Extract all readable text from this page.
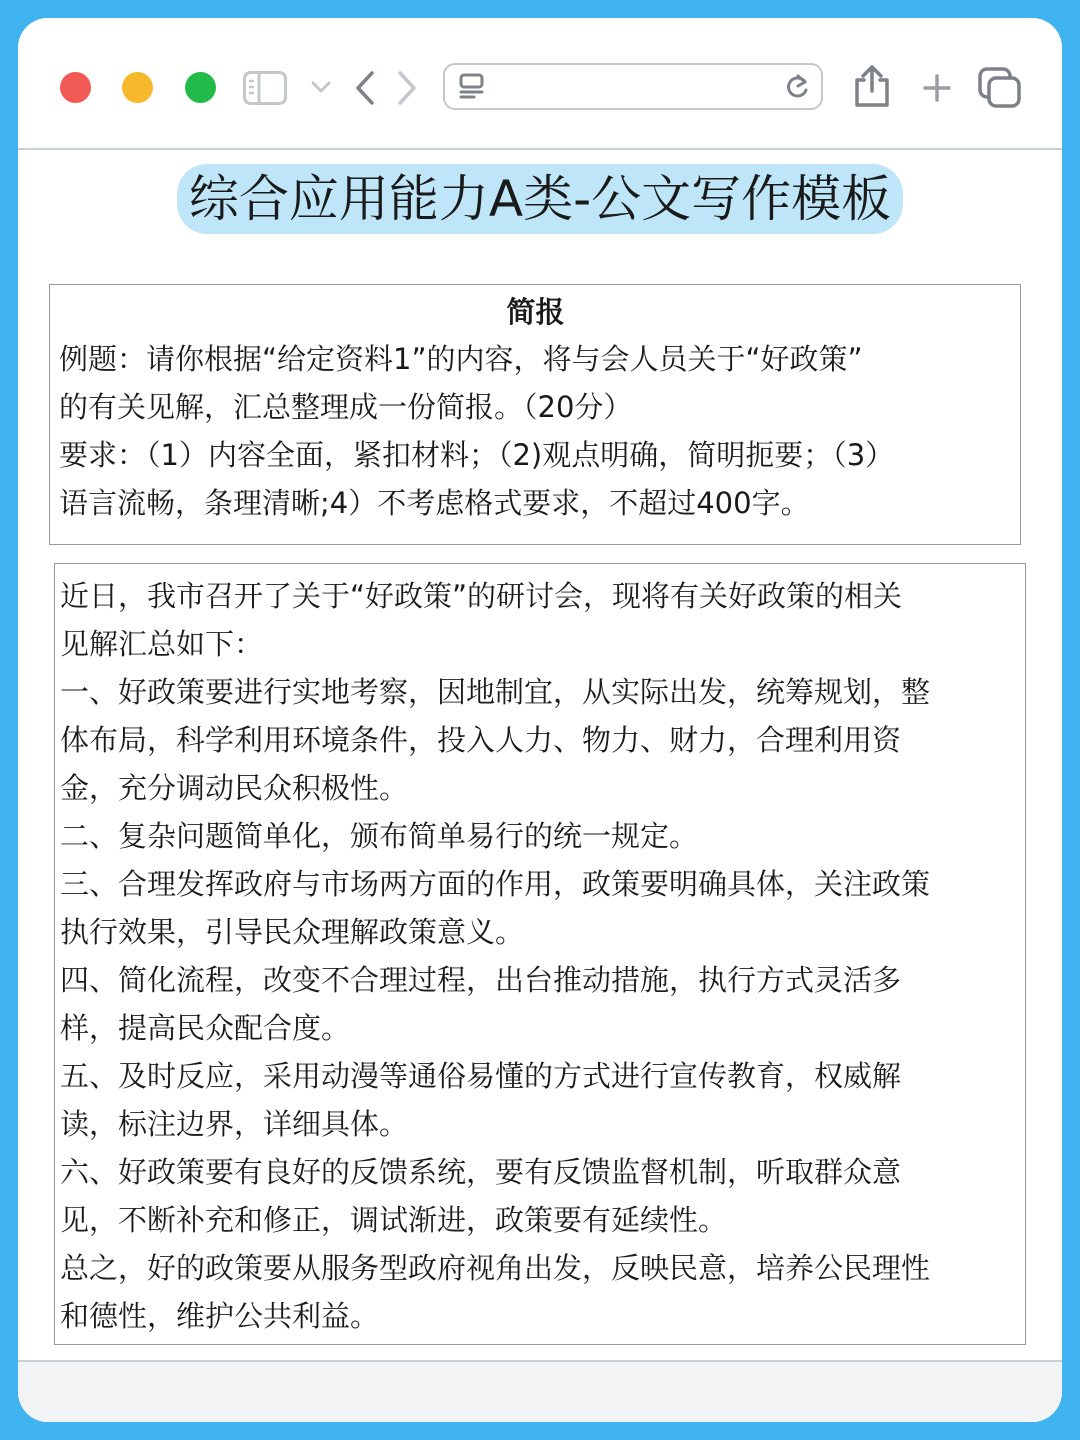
综合应用能力A类-公文写作模板
简报
例题：请你根据“给定资料1”的内容，将与会人员关于“好政策”
的有关见解，汇总整理成一份简报。（20分）
要求：（1）内容全面，紧扣材料；（2)观点明确，简明扼要；（3）
语言流畅，条理清晰;4）不考虑格式要求，不超过400字。
近日，我市召开了关于“好政策”的研讨会，现将有关好政策的相关
见解汇总如下：
一、好政策要进行实地考察，因地制宜，从实际出发，统筹规划，整
体布局，科学利用环境条件，投入人力、物力、财力，合理利用资
金，充分调动民众积极性。
二、复杂问题简单化，颁布简单易行的统一规定。
三、合理发挥政府与市场两方面的作用，政策要明确具体，关注政策
执行效果，引导民众理解政策意义。
四、简化流程，改变不合理过程，出台推动措施，执行方式灵活多
样，提高民众配合度。
五、及时反应，采用动漫等通俗易懂的方式进行宣传教育，权威解
读，标注边界，详细具体。
六、好政策要有良好的反馈系统，要有反馈监督机制，听取群众意
见，不断补充和修正，调试渐进，政策要有延续性。
总之，好的政策要从服务型政府视角出发，反映民意，培养公民理性
和德性，维护公共利益。
